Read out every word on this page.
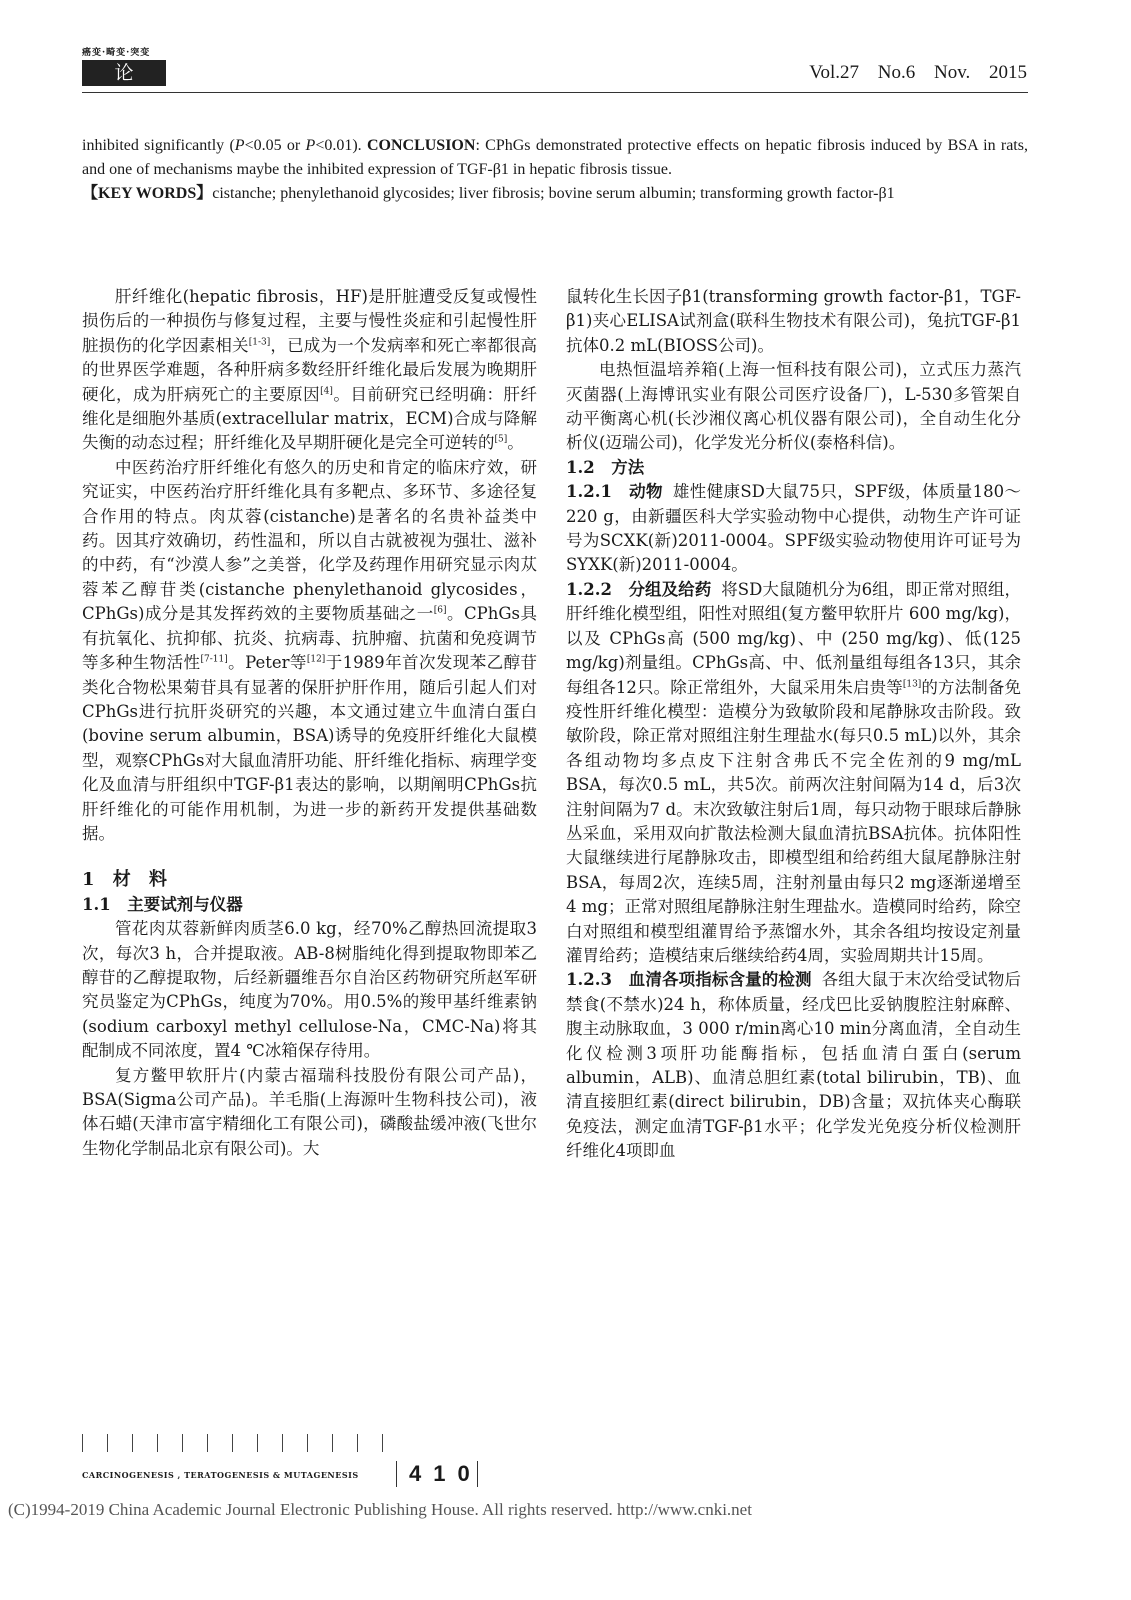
癌变·畸变·突变
论著
Vol.27 No.6 Nov. 2015
inhibited significantly (P<0.05 or P<0.01). CONCLUSION: CPhGs demonstrated protective effects on hepatic fibrosis induced by BSA in rats, and one of mechanisms maybe the inhibited expression of TGF-β1 in hepatic fibrosis tissue.

【KEY WORDS】cistanche; phenylethanoid glycosides; liver fibrosis; bovine serum albumin; transforming growth factor-β1

肝纤维化(hepatic fibrosis，HF)是肝脏遭受反复或慢性损伤后的一种损伤与修复过程，主要与慢性炎症和引起慢性肝脏损伤的化学因素相关[1-3]，已成为一个发病率和死亡率都很高的世界医学难题，各种肝病多数经肝纤维化最后发展为晚期肝硬化，成为肝病死亡的主要原因[4]。目前研究已经明确：肝纤维化是细胞外基质(extracellular matrix，ECM)合成与降解失衡的动态过程；肝纤维化及早期肝硬化是完全可逆转的[5]。

中医药治疗肝纤维化有悠久的历史和肯定的临床疗效，研究证实，中医药治疗肝纤维化具有多靶点、多环节、多途径复合作用的特点。肉苁蓉(cistanche)是著名的名贵补益类中药。因其疗效确切，药性温和，所以自古就被视为强壮、滋补的中药，有“沙漠人参”之美誉，化学及药理作用研究显示肉苁蓉苯乙醇苷类(cistanche phenylethanoid glycosides，CPhGs)成分是其发挥药效的主要物质基础之一[6]。CPhGs具有抗氧化、抗抑郁、抗炎、抗病毒、抗肿瘤、抗菌和免疫调节等多种生物活性[7-11]。Peter等[12]于1989年首次发现苯乙醇苷类化合物松果菊苷具有显著的保肝护肝作用，随后引起人们对CPhGs进行抗肝炎研究的兴趣，本文通过建立牛血清白蛋白(bovine serum albumin，BSA)诱导的免疫肝纤维化大鼠模型，观察CPhGs对大鼠血清肝功能、肝纤维化指标、病理学变化及血清与肝组织中TGF-β1表达的影响，以期阐明CPhGs抗肝纤维化的可能作用机制，为进一步的新药开发提供基础数据。

1 材 料

1.1　主要试剂与仪器

管花肉苁蓉新鲜肉质茎6.0 kg，经70%乙醇热回流提取3次，每次3 h，合并提取液。AB-8树脂纯化得到提取物即苯乙醇苷的乙醇提取物，后经新疆维吾尔自治区药物研究所赵军研究员鉴定为CPhGs，纯度为70%。用0.5%的羧甲基纤维素钠(sodium carboxyl methyl cellulose-Na，CMC-Na)将其配制成不同浓度，置4 ℃冰箱保存待用。

复方鳖甲软肝片(内蒙古福瑞科技股份有限公司产品)，BSA(Sigma公司产品)。羊毛脂(上海源叶生物科技公司)，液体石蜡(天津市富宇精细化工有限公司)，磷酸盐缓冲液(飞世尔生物化学制品北京有限公司)。大

鼠转化生长因子β1(transforming growth factor-β1，TGF-β1)夹心ELISA试剂盒(联科生物技术有限公司)，兔抗TGF-β1抗体0.2 mL(BIOSS公司)。

电热恒温培养箱(上海一恒科技有限公司)，立式压力蒸汽灭菌器(上海博讯实业有限公司医疗设备厂)，L-530多管架自动平衡离心机(长沙湘仪离心机仪器有限公司)，全自动生化分析仪(迈瑞公司)，化学发光分析仪(泰格科信)。

1.2　方法

1.2.1　动物 雄性健康SD大鼠75只，SPF级，体质量180～220 g，由新疆医科大学实验动物中心提供，动物生产许可证号为SCXK(新)2011-0004。SPF级实验动物使用许可证号为SYXK(新)2011-0004。

1.2.2　分组及给药 将SD大鼠随机分为6组，即正常对照组，肝纤维化模型组，阳性对照组(复方鳖甲软肝片 600 mg/kg)，以及 CPhGs高 (500 mg/kg)、中 (250 mg/kg)、低(125 mg/kg)剂量组。CPhGs高、中、低剂量组每组各13只，其余每组各12只。除正常组外，大鼠采用朱启贵等[13]的方法制备免疫性肝纤维化模型：造模分为致敏阶段和尾静脉攻击阶段。致敏阶段，除正常对照组注射生理盐水(每只0.5 mL)以外，其余各组动物均多点皮下注射含弗氏不完全佐剂的9 mg/mL BSA，每次0.5 mL，共5次。前两次注射间隔为14 d，后3次注射间隔为7 d。末次致敏注射后1周，每只动物于眼球后静脉丛采血，采用双向扩散法检测大鼠血清抗BSA抗体。抗体阳性大鼠继续进行尾静脉攻击，即模型组和给药组大鼠尾静脉注射BSA，每周2次，连续5周，注射剂量由每只2 mg逐渐递增至4 mg；正常对照组尾静脉注射生理盐水。造模同时给药，除空白对照组和模型组灌胃给予蒸馏水外，其余各组均按设定剂量灌胃给药；造模结束后继续给药4周，实验周期共计15周。

1.2.3　血清各项指标含量的检测 各组大鼠于末次给受试物后禁食(不禁水)24 h，称体质量，经戊巴比妥钠腹腔注射麻醉、腹主动脉取血，3 000 r/min离心10 min分离血清，全自动生化仪检测3项肝功能酶指标，包括血清白蛋白(serum albumin，ALB)、血清总胆红素(total bilirubin，TB)、血清直接胆红素(direct bilirubin，DB)含量；双抗体夹心酶联免疫法，测定血清TGF-β1水平；化学发光免疫分析仪检测肝纤维化4项即血

CARCINOGENESIS , TERATOGENESIS & MUTAGENESIS	410
(C)1994-2019 China Academic Journal Electronic Publishing House. All rights reserved. http://www.cnki.net
